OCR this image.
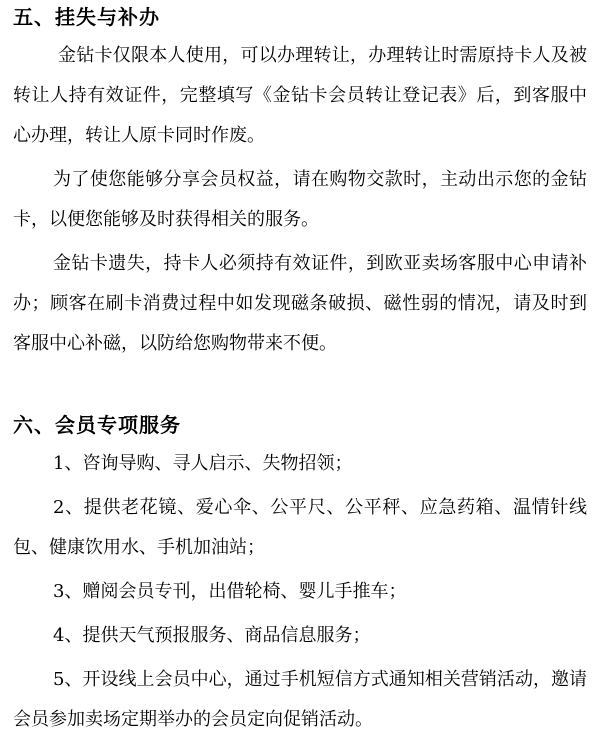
五、挂失与补办

金钻卡仅限本人使用，可以办理转让，办理转让时需原持卡人及被转让人持有效证件，完整填写《金钻卡会员转让登记表》后，到客服中心办理，转让人原卡同时作废。

为了使您能够分享会员权益，请在购物交款时，主动出示您的金钻卡，以便您能够及时获得相关的服务。

金钻卡遗失，持卡人必须持有效证件，到欧亚卖场客服中心申请补办；顾客在刷卡消费过程中如发现磁条破损、磁性弱的情况，请及时到客服中心补磁，以防给您购物带来不便。

六、会员专项服务

1、咨询导购、寻人启示、失物招领；

2、提供老花镜、爱心伞、公平尺、公平秤、应急药箱、温情针线包、健康饮用水、手机加油站；

3、赠阅会员专刊，出借轮椅、婴儿手推车；

4、提供天气预报服务、商品信息服务；

5、开设线上会员中心，通过手机短信方式通知相关营销活动，邀请会员参加卖场定期举办的会员定向促销活动。
